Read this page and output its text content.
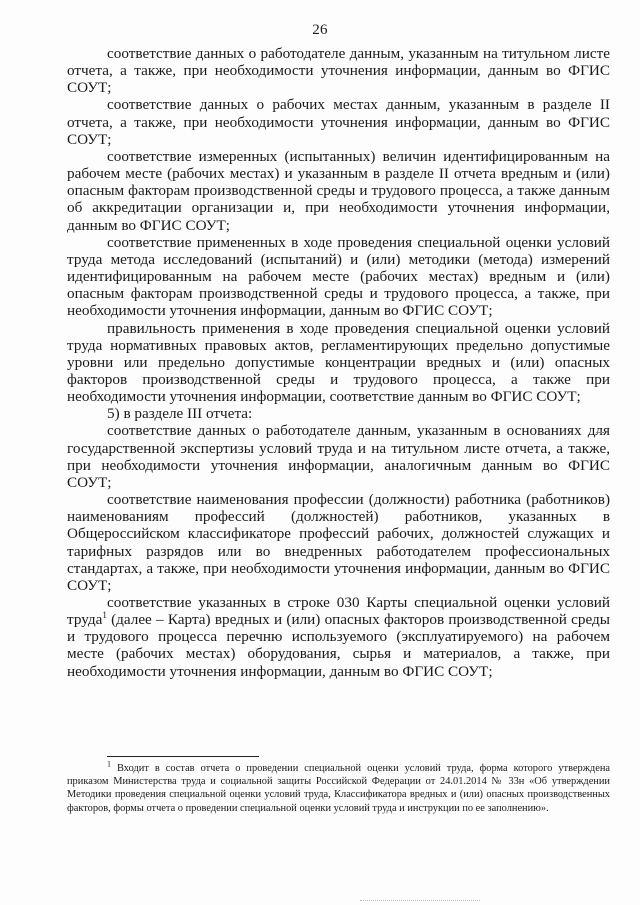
26

соответствие данных о работодателе данным, указанным на титульном листе отчета, а также, при необходимости уточнения информации, данным во ФГИС СОУТ;

соответствие данных о рабочих местах данным, указанным в разделе II отчета, а также, при необходимости уточнения информации, данным во ФГИС СОУТ;

соответствие измеренных (испытанных) величин идентифицированным на рабочем месте (рабочих местах) и указанным в разделе II отчета вредным и (или) опасным факторам производственной среды и трудового процесса, а также данным об аккредитации организации и, при необходимости уточнения информации, данным во ФГИС СОУТ;

соответствие примененных в ходе проведения специальной оценки условий труда метода исследований (испытаний) и (или) методики (метода) измерений идентифицированным на рабочем месте (рабочих местах) вредным и (или) опасным факторам производственной среды и трудового процесса, а также, при необходимости уточнения информации, данным во ФГИС СОУТ;

правильность применения в ходе проведения специальной оценки условий труда нормативных правовых актов, регламентирующих предельно допустимые уровни или предельно допустимые концентрации вредных и (или) опасных факторов производственной среды и трудового процесса, а также при необходимости уточнения информации, соответствие данным во ФГИС СОУТ;

5) в разделе III отчета:

соответствие данных о работодателе данным, указанным в основаниях для государственной экспертизы условий труда и на титульном листе отчета, а также, при необходимости уточнения информации, аналогичным данным во ФГИС СОУТ;

соответствие наименования профессии (должности) работника (работников) наименованиям профессий (должностей) работников, указанных в Общероссийском классификаторе профессий рабочих, должностей служащих и тарифных разрядов или во внедренных работодателем профессиональных стандартах, а также, при необходимости уточнения информации, данным во ФГИС СОУТ;

соответствие указанных в строке 030 Карты специальной оценки условий труда$^1$ (далее – Карта) вредных и (или) опасных факторов производственной среды и трудового процесса перечню используемого (эксплуатируемого) на рабочем месте (рабочих местах) оборудования, сырья и материалов, а также, при необходимости уточнения информации, данным во ФГИС СОУТ;

$^1$ Входит в состав отчета о проведении специальной оценки условий труда, форма которого утверждена приказом Министерства труда и социальной защиты Российской Федерации от 24.01.2014 № 33н «Об утверждении Методики проведения специальной оценки условий труда, Классификатора вредных и (или) опасных производственных факторов, формы отчета о проведении специальной оценки условий труда и инструкции по ее заполнению».
